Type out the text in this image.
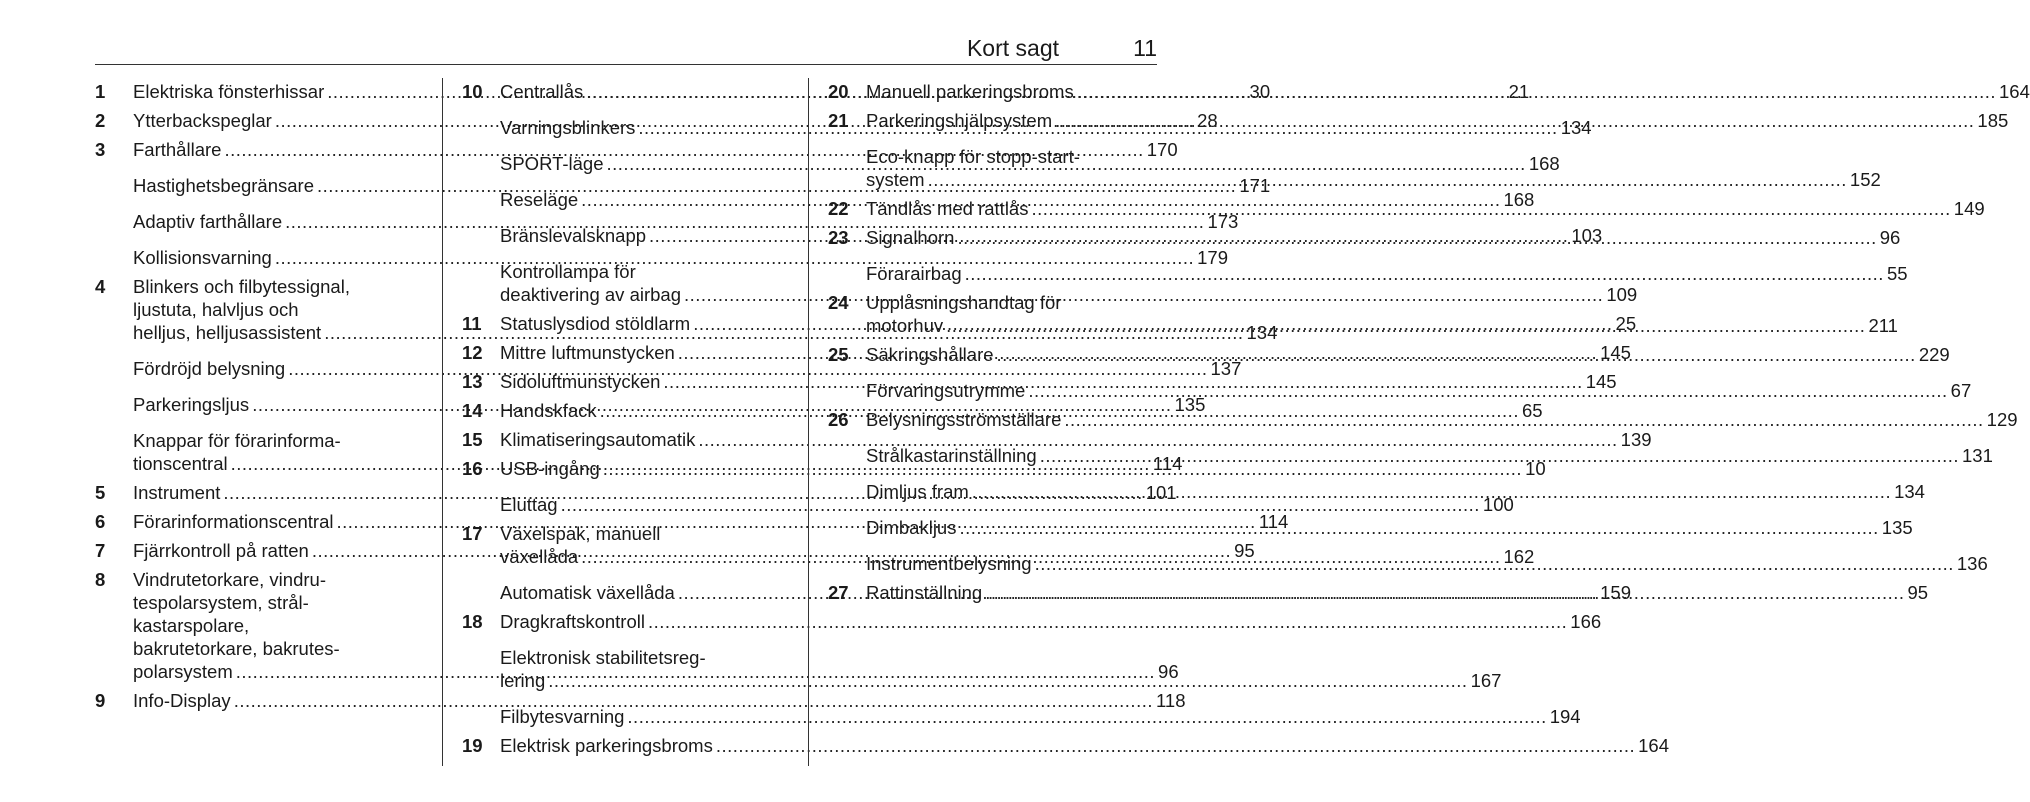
Kort sagt	11
1	Elektriska fönsterhissar .....	30
2	Ytterbackspeglar .....	28
3	Farthållare .....	170
Hastighetsbegränsare .....	171
Adaptiv farthållare .....	173
Kollisionsvarning .....	179
4	Blinkers och filbytessignal,
ljustuta, halvljus och
helljus, helljusassistent .....	134
Fördröjd belysning .....	137
Parkeringsljus .....	135
Knappar för förarinforma-
tionscentral .....	114
5	Instrument .....	101
6	Förarinformationscentral .....	114
7	Fjärrkontroll på ratten .....	95
8	Vindrutetorkare, vindru-
tespolarsystem, strål-
kastarspolare,
bakrutetorkare, bakrutes-
polarsystem .....	96
9	Info-Display .....	118
10 Centrallås .....	21
Varningsblinkers .....	134
SPORT-läge .....	168
Reseläge .....	168
Bränslevalsknapp .....	103
Kontrollampa för
deaktivering av airbag .....	109
11 Statuslysdiod stöldlarm .....	25
12 Mittre luftmunstycken .....	145
13 Sidoluftmunstycken .....	145
14 Handskfack .....	65
15 Klimatiseringsautomatik .....	139
16 USB-ingång .....	10
Eluttag .....	100
17 Växelspak, manuell
växellåda .....	162
Automatisk växellåda .....	159
18 Dragkraftskontroll .....	166
Elektronisk stabilitetsreg-
lering .....	167
Filbytesvarning .....	194
19 Elektrisk parkeringsbroms .....	164
20 Manuell parkeringsbroms .....	164
21 Parkeringshjälpsystem .....	185
Eco-knapp för stopp-start-
system .....	152
22 Tändlås med rattlås .....	149
23 Signalhorn .....	96
Förarairbag .....	55
24 Upplåsningshandtag för
motorhuv .....	211
25 Säkringshållare .....	229
Förvaringsutrymme .....	67
26 Belysningsströmställare .....	129
Strålkastarinställning .....	131
Dimljus fram .....	134
Dimbakljus .....	135
Instrumentbelysning .....	136
27 Rattinställning .....	95
